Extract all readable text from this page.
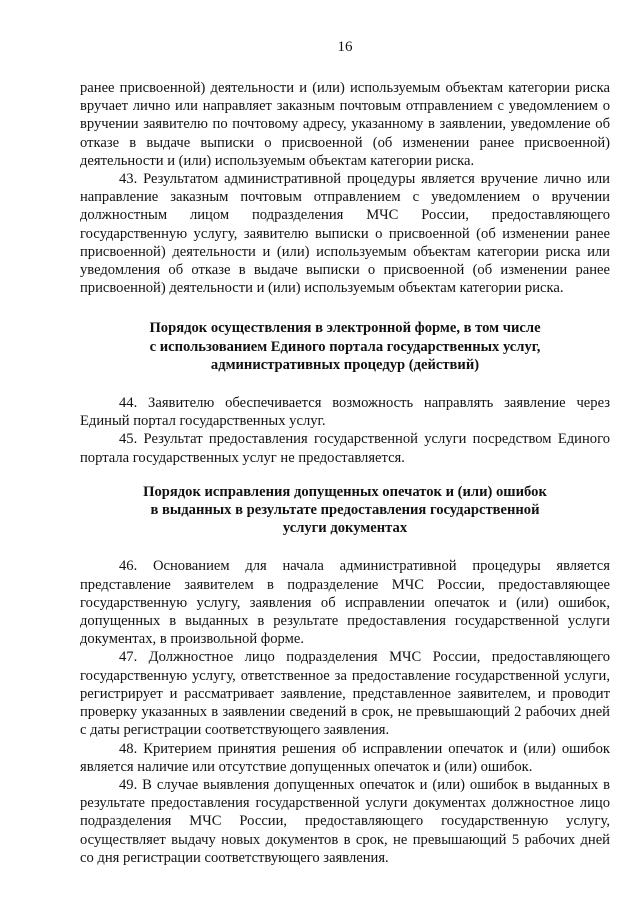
16

ранее присвоенной) деятельности и (или) используемым объектам категории риска вручает лично или направляет заказным почтовым отправлением с уведомлением о вручении заявителю по почтовому адресу, указанному в заявлении, уведомление об отказе в выдаче выписки о присвоенной (об изменении ранее присвоенной) деятельности и (или) используемым объектам категории риска.

43. Результатом административной процедуры является вручение лично или направление заказным почтовым отправлением с уведомлением о вручении должностным лицом подразделения МЧС России, предоставляющего государственную услугу, заявителю выписки о присвоенной (об изменении ранее присвоенной) деятельности и (или) используемым объектам категории риска или уведомления об отказе в выдаче выписки о присвоенной (об изменении ранее присвоенной) деятельности и (или) используемым объектам категории риска.

Порядок осуществления в электронной форме, в том числе
с использованием Единого портала государственных услуг,
административных процедур (действий)

44. Заявителю обеспечивается возможность направлять заявление через Единый портал государственных услуг.

45. Результат предоставления государственной услуги посредством Единого портала государственных услуг не предоставляется.

Порядок исправления допущенных опечаток и (или) ошибок
в выданных в результате предоставления государственной
услуги документах

46. Основанием для начала административной процедуры является представление заявителем в подразделение МЧС России, предоставляющее государственную услугу, заявления об исправлении опечаток и (или) ошибок, допущенных в выданных в результате предоставления государственной услуги документах, в произвольной форме.

47. Должностное лицо подразделения МЧС России, предоставляющего государственную услугу, ответственное за предоставление государственной услуги, регистрирует и рассматривает заявление, представленное заявителем, и проводит проверку указанных в заявлении сведений в срок, не превышающий 2 рабочих дней с даты регистрации соответствующего заявления.

48. Критерием принятия решения об исправлении опечаток и (или) ошибок является наличие или отсутствие допущенных опечаток и (или) ошибок.

49. В случае выявления допущенных опечаток и (или) ошибок в выданных в результате предоставления государственной услуги документах должностное лицо подразделения МЧС России, предоставляющего государственную услугу, осуществляет выдачу новых документов в срок, не превышающий 5 рабочих дней со дня регистрации соответствующего заявления.
